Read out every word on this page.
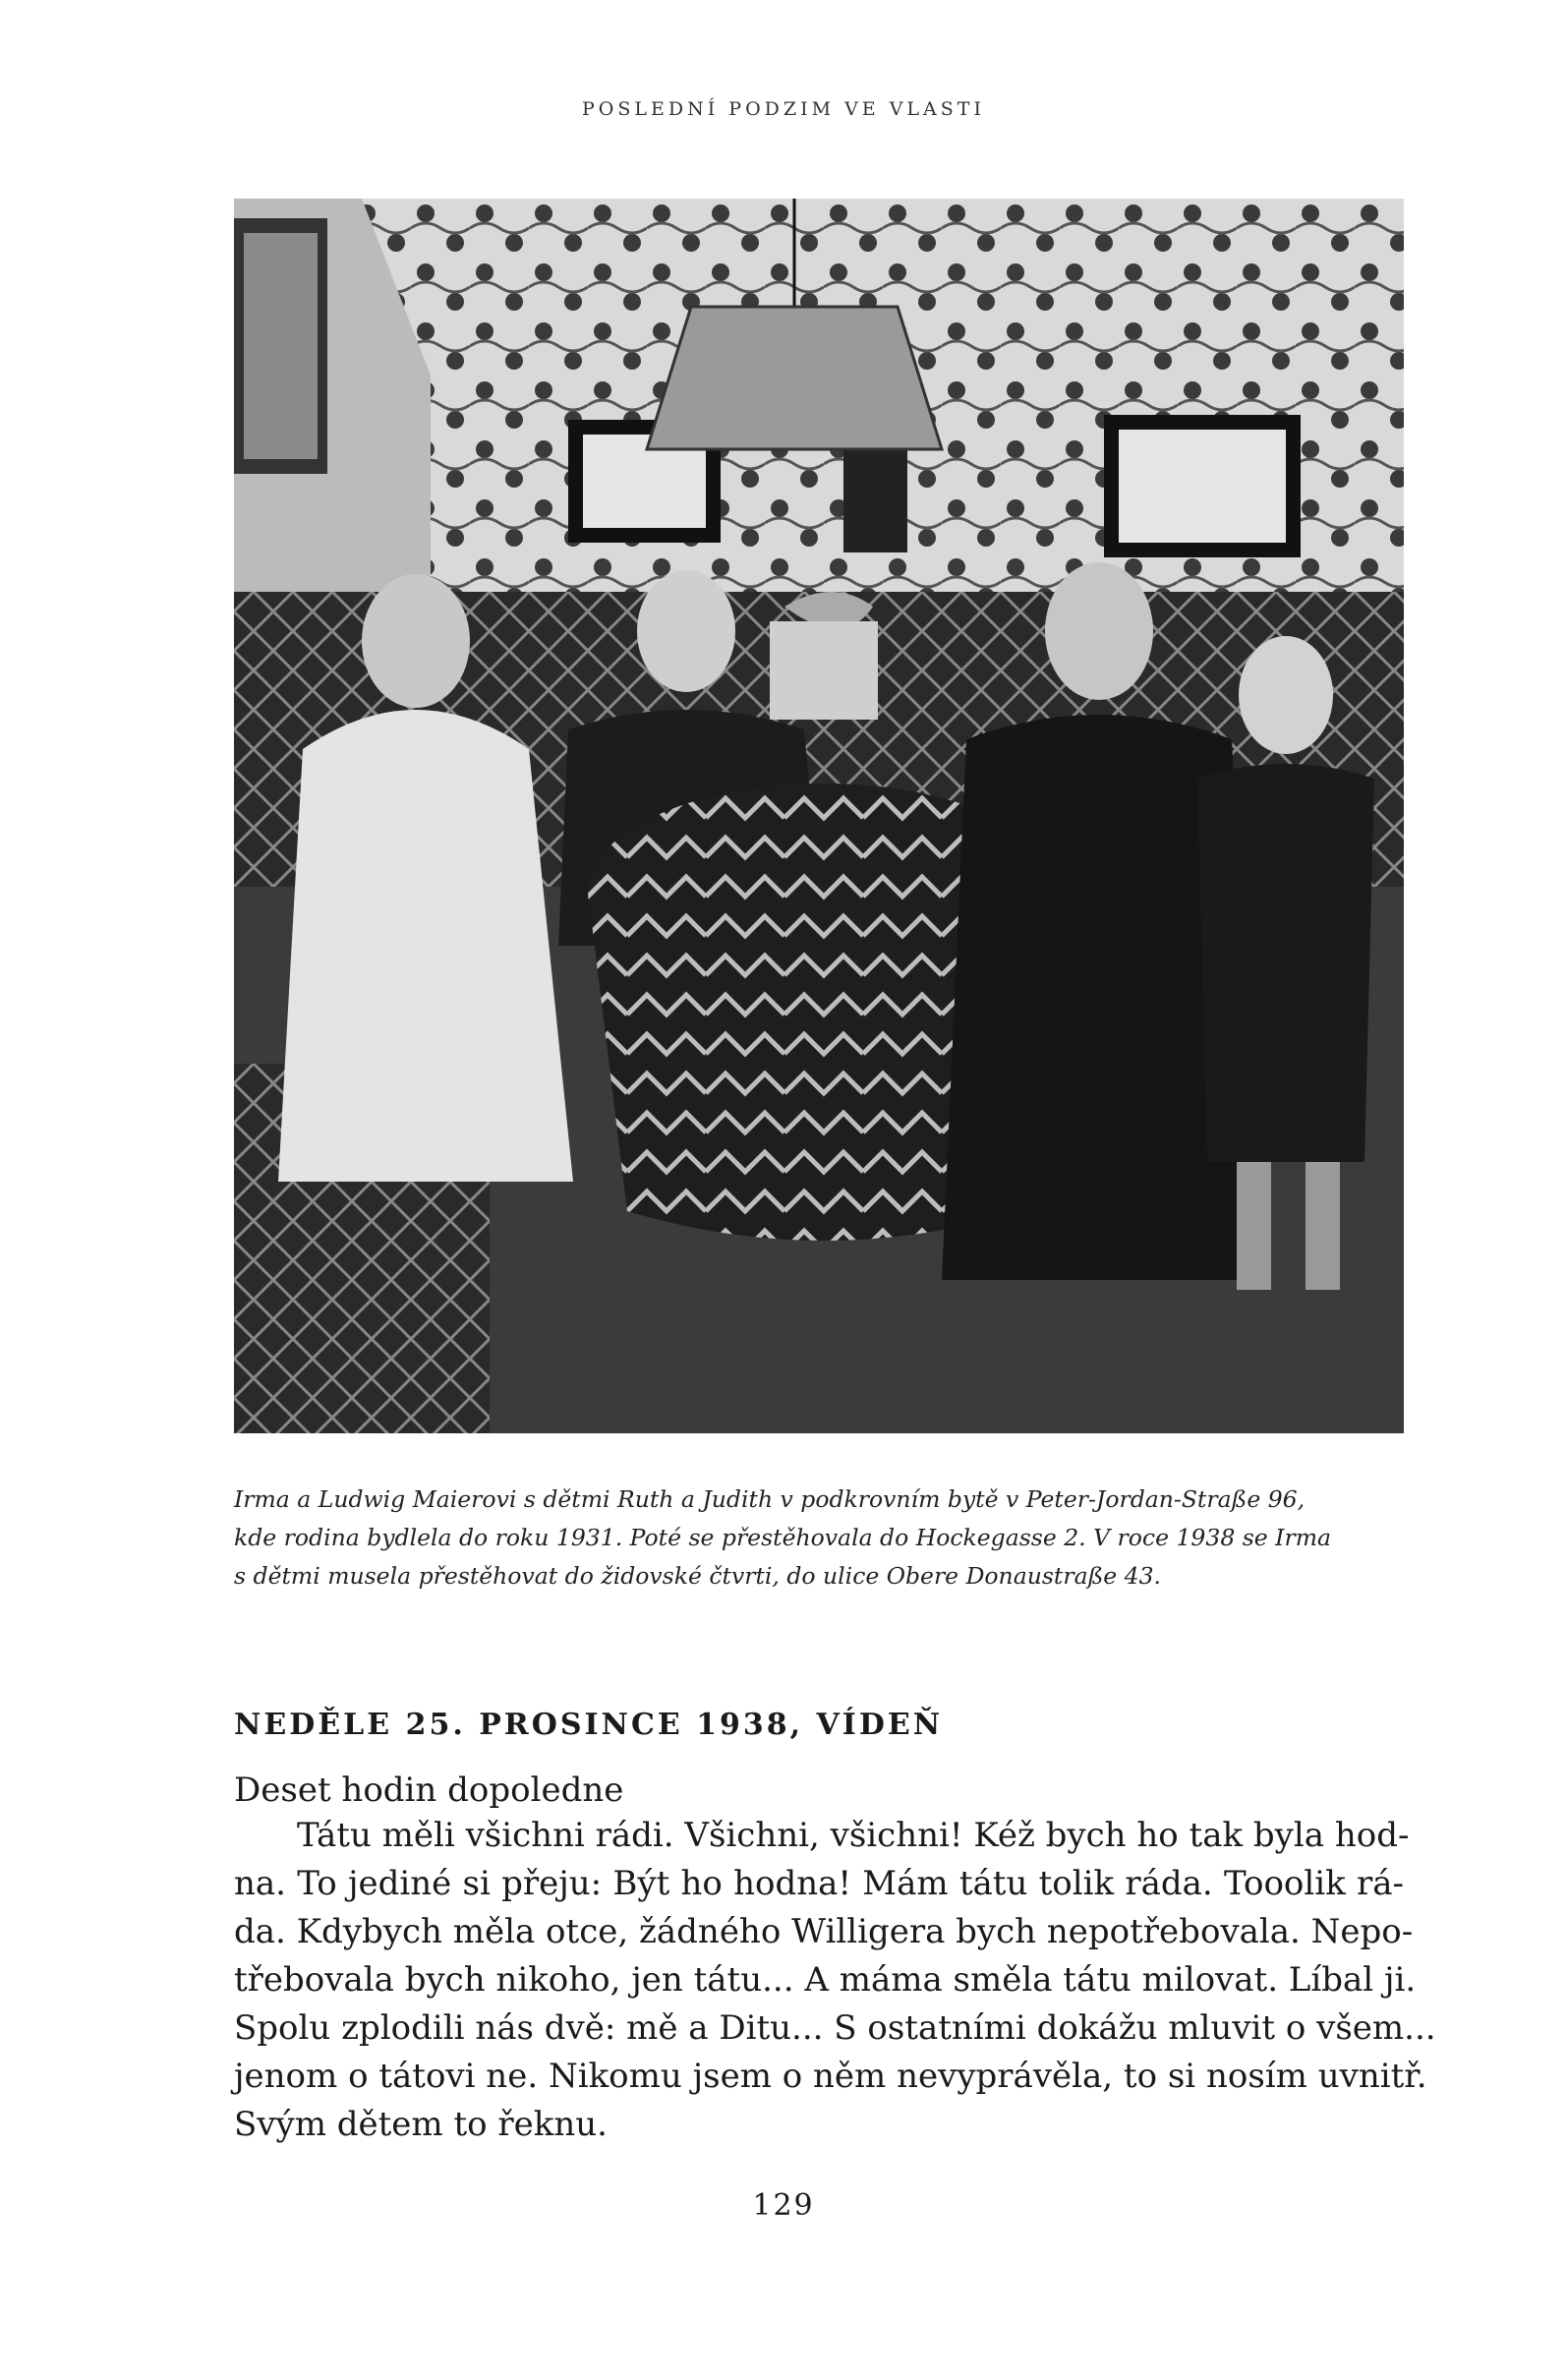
POSLEDNÍ PODZIM VE VLASTI

Irma a Ludwig Maierovi s dětmi Ruth a Judith v podkrovním bytě v Peter-Jordan-Straße 96,

kde rodina bydlela do roku 1931. Poté se přestěhovala do Hockegasse 2. V roce 1938 se Irma

s dětmi musela přestěhovat do židovské čtvrti, do ulice Obere Donaustraße 43.

NEDĚLE 25. PROSINCE 1938, VÍDEŇ
Deset hodin dopoledne

Tátu měli všichni rádi. Všichni, všichni! Kéž bych ho tak byla hod-

na. To jediné si přeju: Být ho hodna! Mám tátu tolik ráda. Tooolik rá-

da. Kdybych měla otce, žádného Willigera bych nepotřebovala. Nepo-

třebovala bych nikoho, jen tátu... A máma směla tátu milovat. Líbal ji.

Spolu zplodili nás dvě: mě a Ditu... S ostatními dokážu mluvit o všem...

jenom o tátovi ne. Nikomu jsem o něm nevyprávěla, to si nosím uvnitř.

Svým dětem to řeknu.

129
